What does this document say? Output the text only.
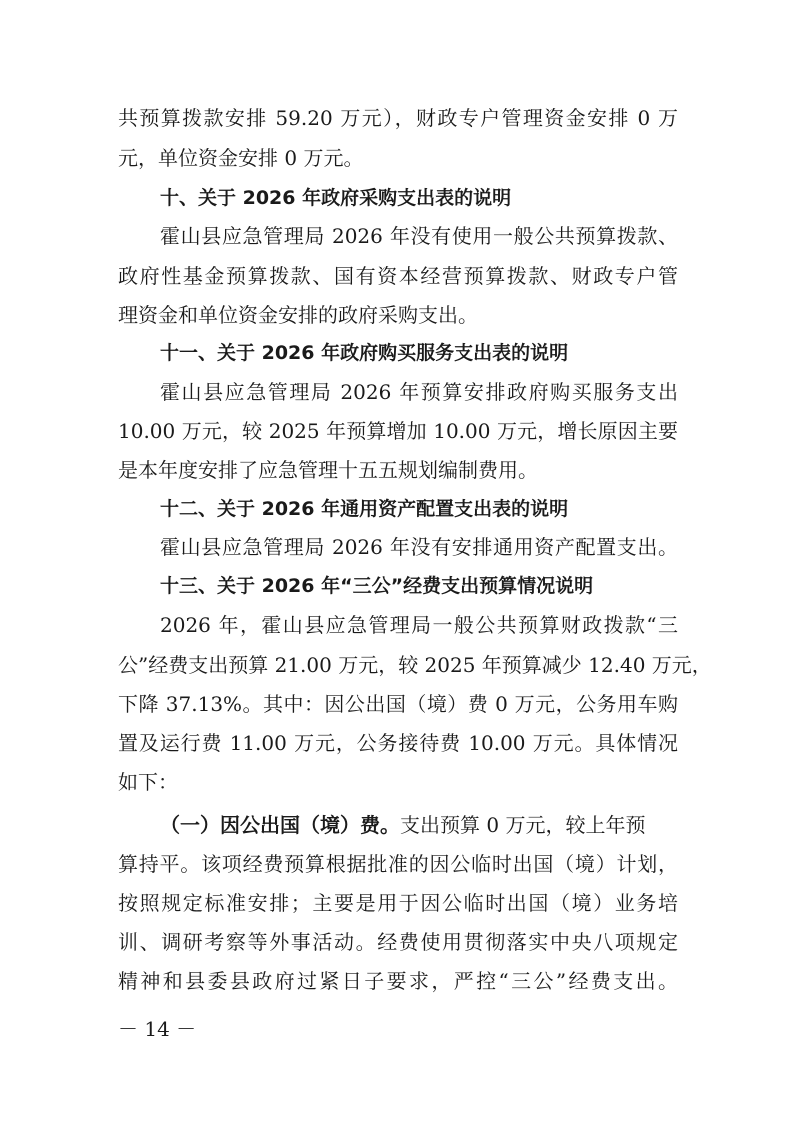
共预算拨款安排 59.20 万元），财政专户管理资金安排 0 万

元，单位资金安排 0 万元。

十、关于 2026 年政府采购支出表的说明

霍山县应急管理局 2026 年没有使用一般公共预算拨款、

政府性基金预算拨款、国有资本经营预算拨款、财政专户管

理资金和单位资金安排的政府采购支出。

十一、关于 2026 年政府购买服务支出表的说明

霍山县应急管理局 2026 年预算安排政府购买服务支出

10.00 万元，较 2025 年预算增加 10.00 万元，增长原因主要

是本年度安排了应急管理十五五规划编制费用。

十二、关于 2026 年通用资产配置支出表的说明

霍山县应急管理局 2026 年没有安排通用资产配置支出。

十三、关于 2026 年“三公”经费支出预算情况说明

2026 年，霍山县应急管理局一般公共预算财政拨款“三

公”经费支出预算 21.00 万元，较 2025 年预算减少 12.40 万元，

下降 37.13%。其中：因公出国（境）费 0 万元，公务用车购

置及运行费 11.00 万元，公务接待费 10.00 万元。具体情况

如下：

（一）因公出国（境）费。支出预算 0 万元，较上年预

算持平。该项经费预算根据批准的因公临时出国（境）计划，

按照规定标准安排；主要是用于因公临时出国（境）业务培

训、调研考察等外事活动。经费使用贯彻落实中央八项规定

精神和县委县政府过紧日子要求，严控“三公”经费支出。

－ 14 －
